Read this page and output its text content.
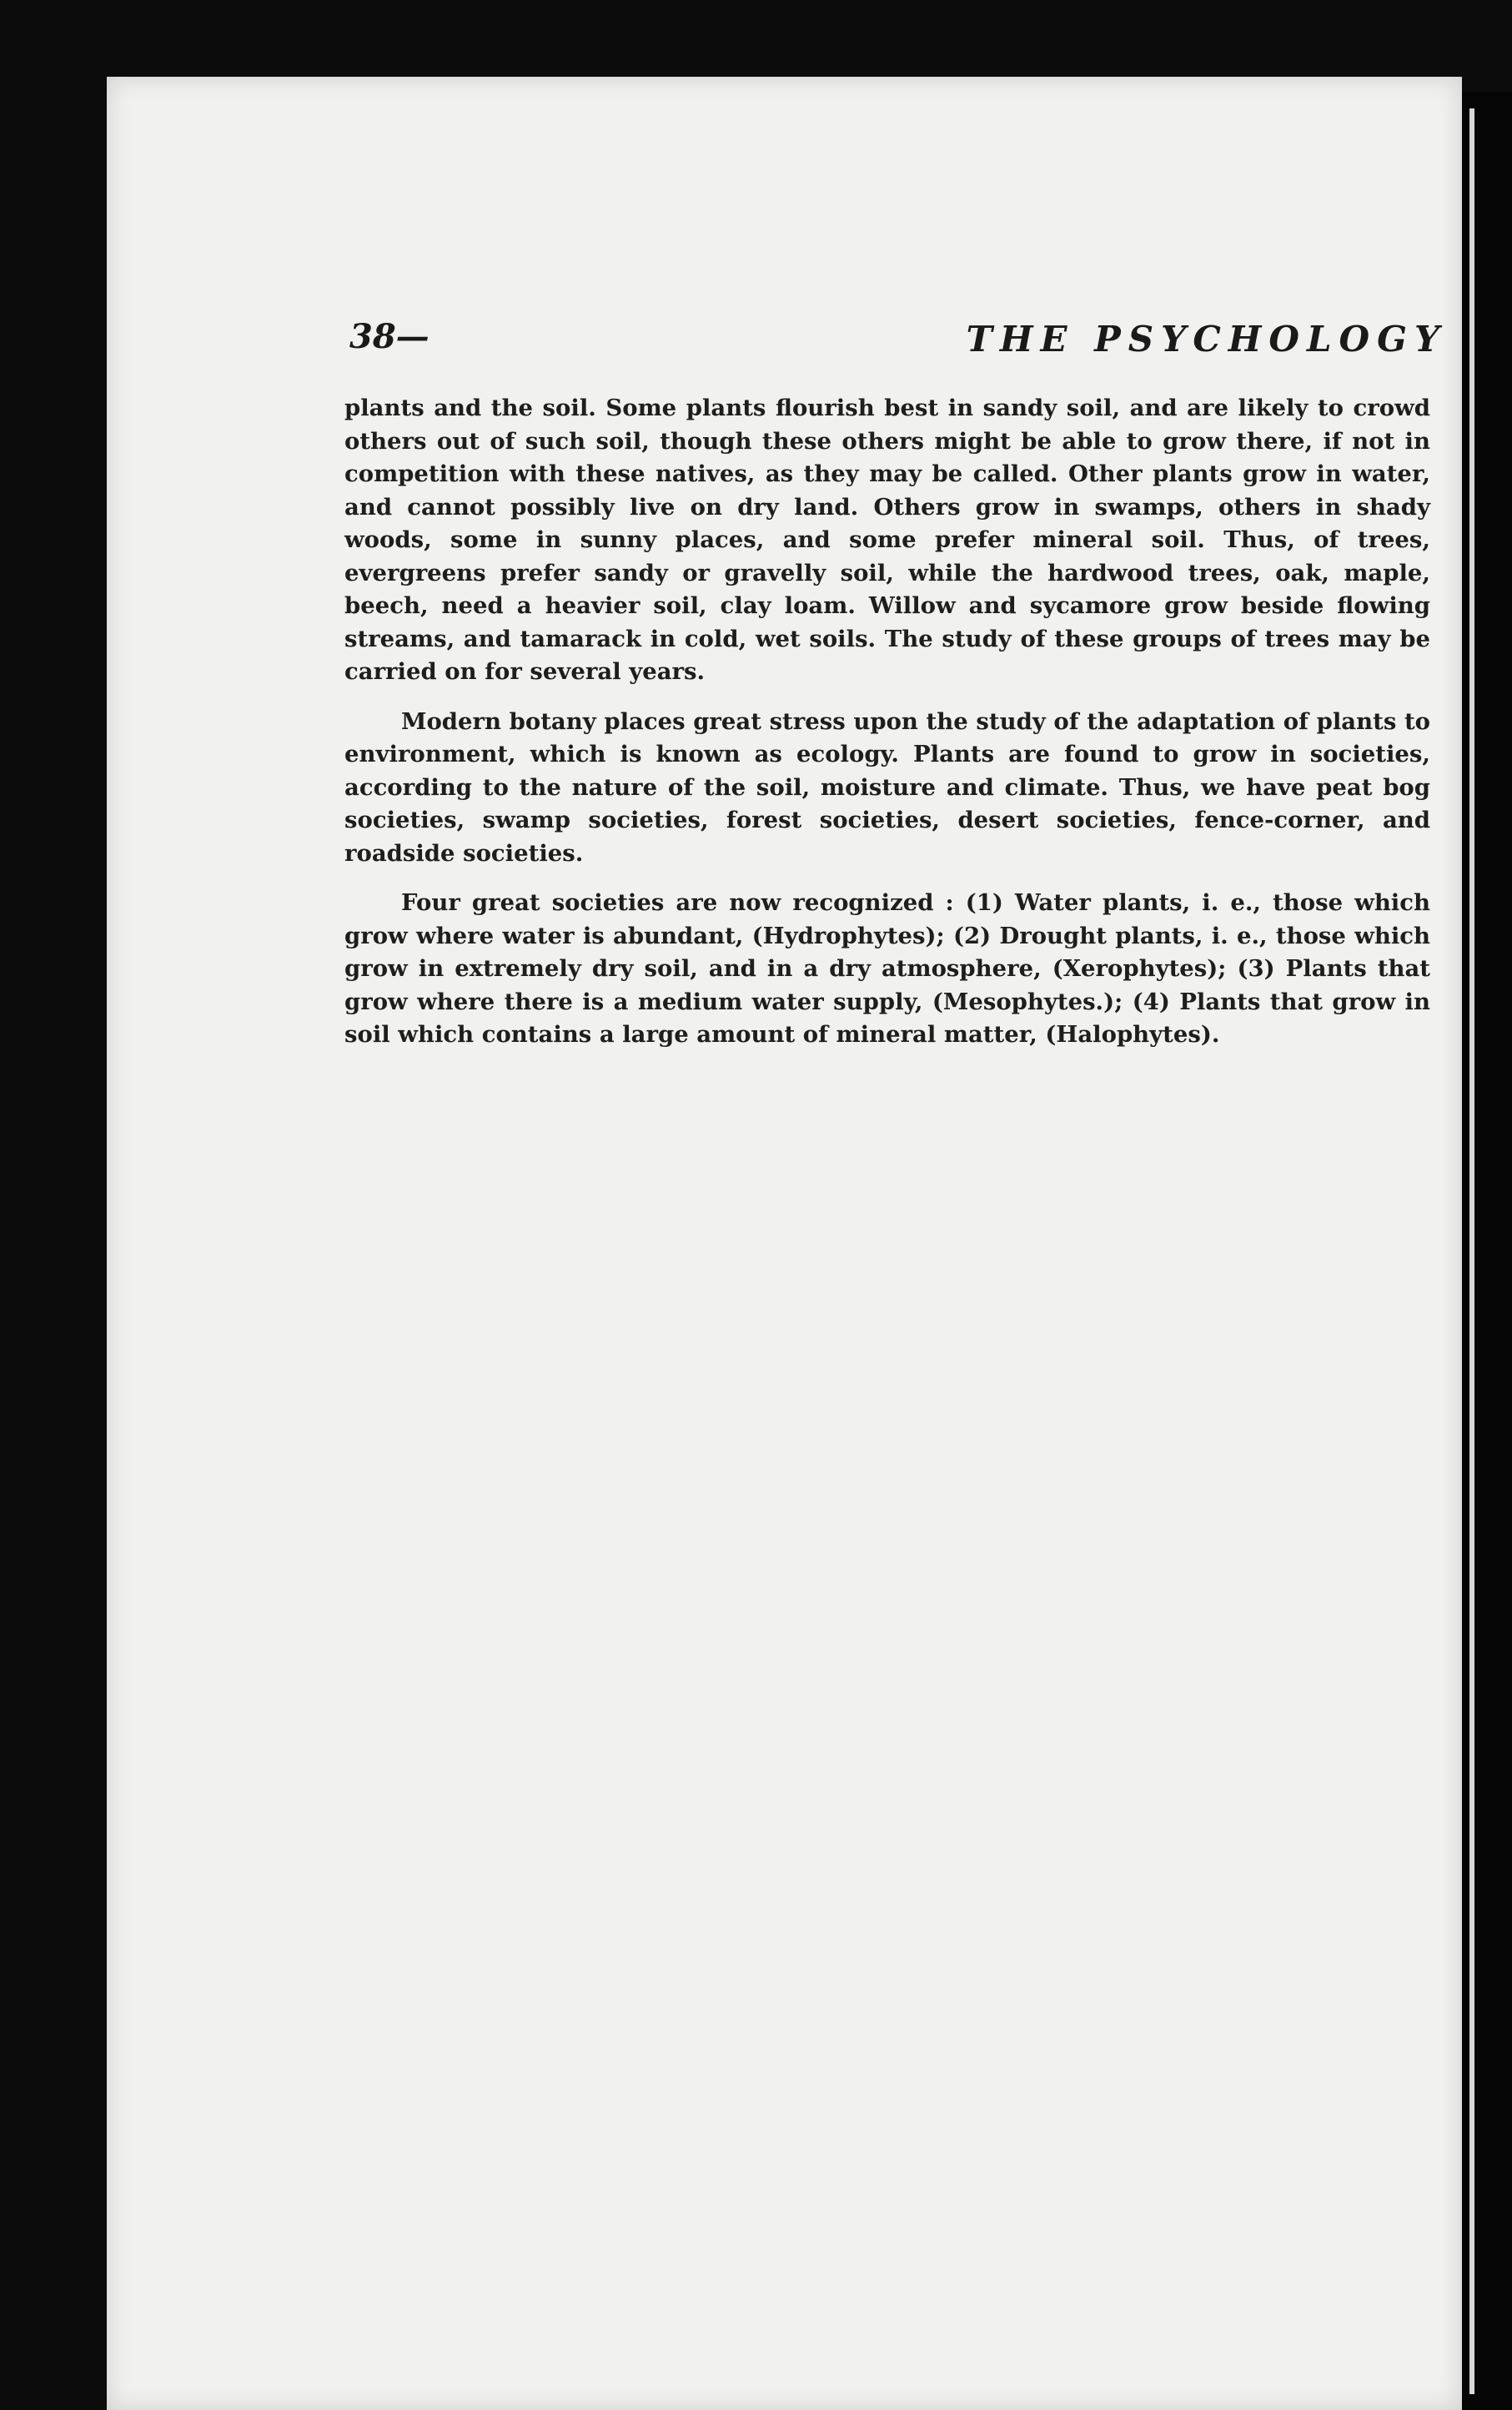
38—	THE PSYCHOLOGY

plants and the soil. Some plants flourish best in sandy soil, and are likely to crowd others out of such soil, though these others might be able to grow there, if not in competition with these natives, as they may be called. Other plants grow in water, and cannot possibly live on dry land. Others grow in swamps, others in shady woods, some in sunny places, and some prefer mineral soil. Thus, of trees, evergreens prefer sandy or gravelly soil, while the hardwood trees, oak, maple, beech, need a heavier soil, clay loam. Willow and sycamore grow beside flowing streams, and tamarack in cold, wet soils. The study of these groups of trees may be carried on for several years.

Modern botany places great stress upon the study of the adaptation of plants to environment, which is known as ecology. Plants are found to grow in societies, according to the nature of the soil, moisture and climate. Thus, we have peat bog societies, swamp societies, forest societies, desert societies, fence-corner, and roadside societies.

Four great societies are now recognized : (1) Water plants, i. e., those which grow where water is abundant, (Hydrophytes); (2) Drought plants, i. e., those which grow in extremely dry soil, and in a dry atmosphere, (Xerophytes); (3) Plants that grow where there is a medium water supply, (Mesophytes.); (4) Plants that grow in soil which contains a large amount of mineral matter, (Halophytes).
